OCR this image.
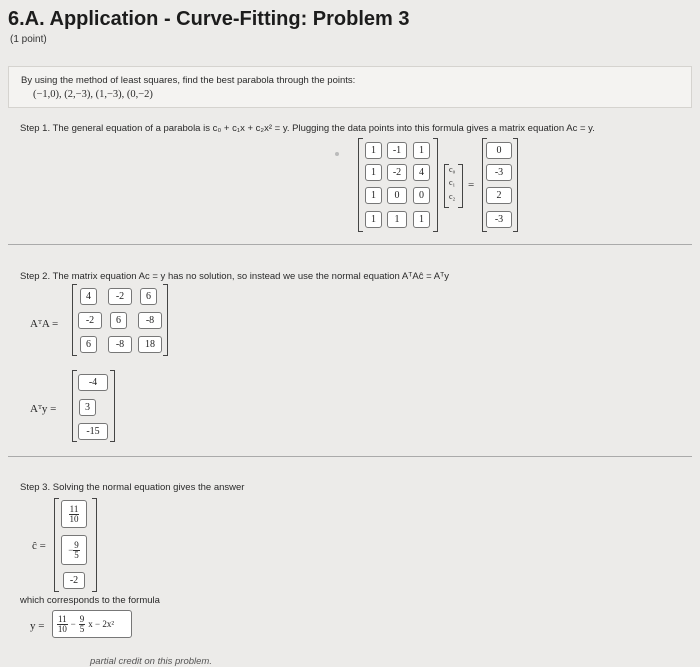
6.A. Application - Curve-Fitting: Problem 3
(1 point)
By using the method of least squares, find the best parabola through the points:
(−1,0), (2,−3), (1,−3), (0,−2)
Step 1. The general equation of a parabola is c₀ + c₁x + c₂x² = y. Plugging the data points into this formula gives a matrix equation Ac = y.
1	-1	1
1	-2	4
1	0	0
1	1	1
c₀
c₁
c₂
=
0
-3
2
-3
Step 2. The matrix equation Ac = y has no solution, so instead we use the normal equation AᵀAĉ = Aᵀy
AᵀA =
4	-2	6
-2	6	-8
6	-8	18
Aᵀy =
-4
3
-15
Step 3. Solving the normal equation gives the answer
ĉ =
$\frac{11}{10}$
− $\frac{9}{5}$
-2
which corresponds to the formula
$y = \frac{11}{10} - \frac{9}{5}$ x − 2x²
partial credit on this problem.
